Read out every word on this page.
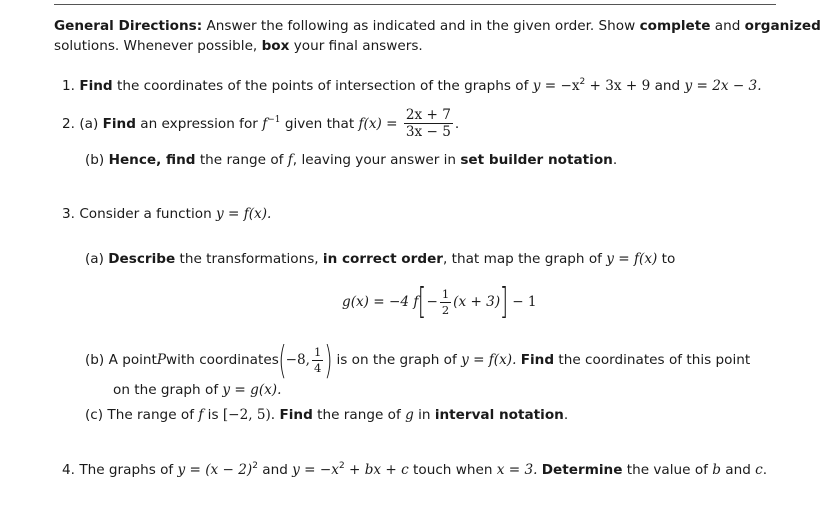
General Directions: Answer the following as indicated and in the given order. Show complete and organized
solutions. Whenever possible, box your final answers.
1. Find the coordinates of the points of intersection of the graphs of $y = -x^2 + 3x + 9$ and y = 2x − 3.
2. (a) Find an expression for $f^{-1}$ given that $f(x) = \frac{2x + 7}{3x - 5}$ .
(b) Hence, find the range of f, leaving your answer in set builder notation.
3. Consider a function y = f(x).
(a) Describe the transformations, in correct order, that map the graph of y = f(x) to
g(x) = −4 f [ − $\frac{1}{2} (x + 3)$ ] − 1
(b)
A point P with coordinates ( −8, $\frac{1}{4}$ ) is on the graph of y = f(x).
Find the coordinates of this point
on the graph of y = g(x).
(c) The range of f is [−2, 5). Find the range of g in interval notation.
4. The graphs of $y = (x - 2)^2$ and $y = -x^2$ + bx + c touch when x = 3. Determine the value of b and c.
